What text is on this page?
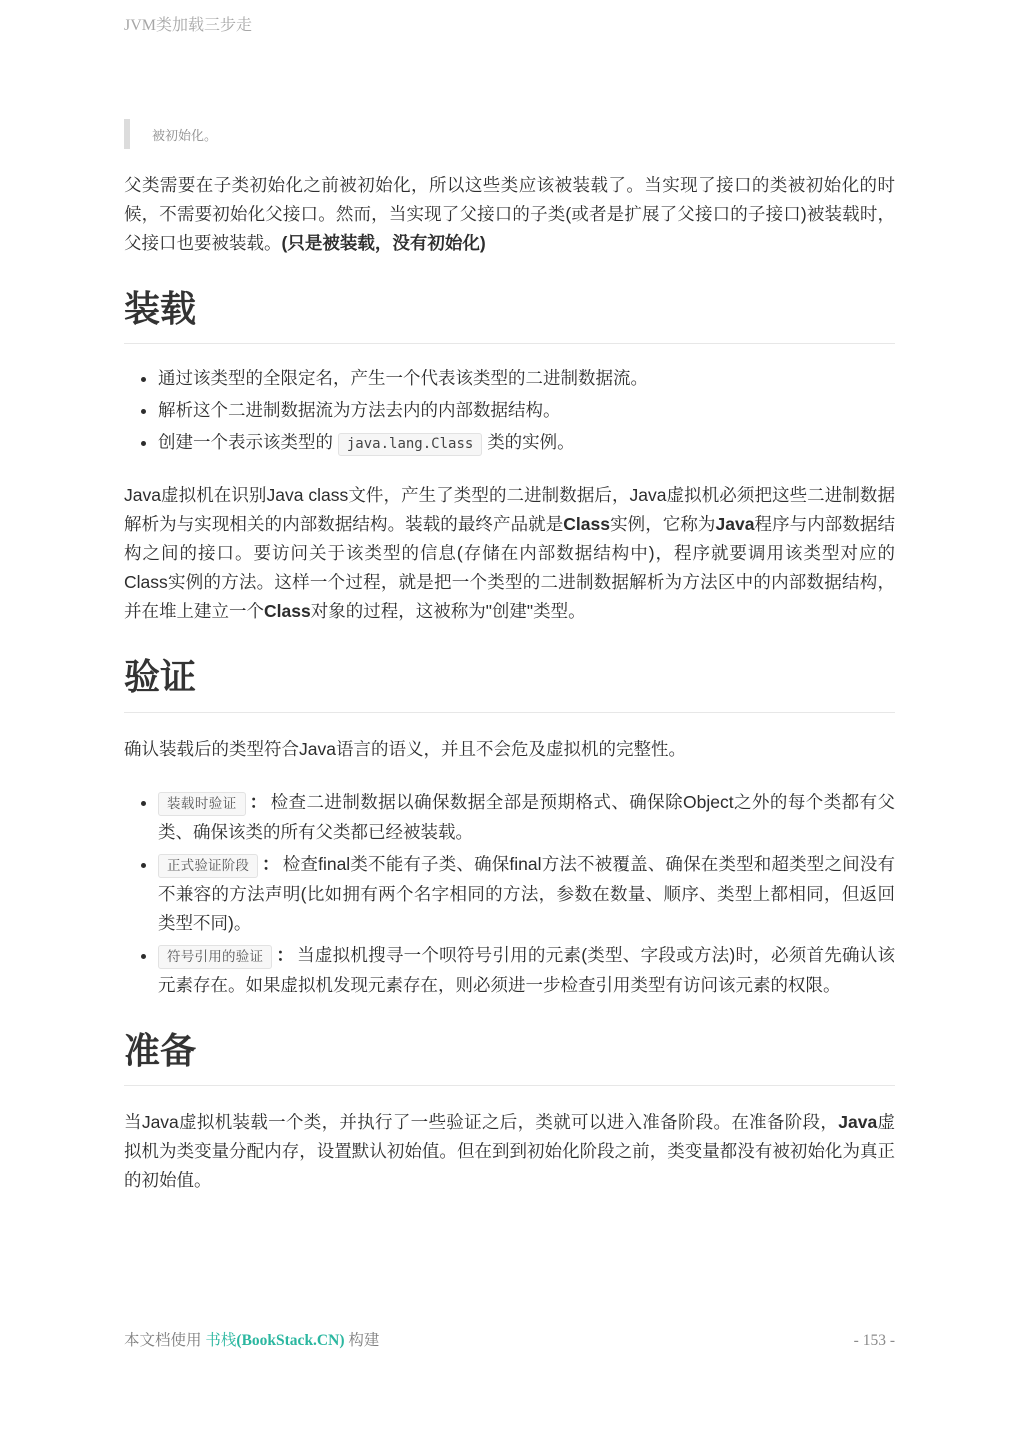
JVM类加载三步走
被初始化。

父类需要在子类初始化之前被初始化，所以这些类应该被装载了。当实现了接口的类被初始化的时候，不需要初始化父接口。然而，当实现了父接口的子类(或者是扩展了父接口的子接口)被装载时，父接口也要被装载。(只是被装载，没有初始化)

装载
• 通过该类型的全限定名，产生一个代表该类型的二进制数据流。
• 解析这个二进制数据流为方法去内的内部数据结构。
• 创建一个表示该类型的 java.lang.Class 类的实例。

Java虚拟机在识别Java class文件，产生了类型的二进制数据后，Java虚拟机必须把这些二进制数据解析为与实现相关的内部数据结构。装载的最终产品就是Class实例，它称为Java程序与内部数据结构之间的接口。要访问关于该类型的信息(存储在内部数据结构中)，程序就要调用该类型对应的Class实例的方法。这样一个过程，就是把一个类型的二进制数据解析为方法区中的内部数据结构，并在堆上建立一个Class对象的过程，这被称为"创建"类型。

验证

确认装载后的类型符合Java语言的语义，并且不会危及虚拟机的完整性。

• 装载时验证 ： 检查二进制数据以确保数据全部是预期格式、确保除Object之外的每个类都有父类、确保该类的所有父类都已经被装载。
• 正式验证阶段 ： 检查final类不能有子类、确保final方法不被覆盖、确保在类型和超类型之间没有不兼容的方法声明(比如拥有两个名字相同的方法，参数在数量、顺序、类型上都相同，但返回类型不同)。
• 符号引用的验证 ： 当虚拟机搜寻一个呗符号引用的元素(类型、字段或方法)时，必须首先确认该元素存在。如果虚拟机发现元素存在，则必须进一步检查引用类型有访问该元素的权限。
准备

当Java虚拟机装载一个类，并执行了一些验证之后，类就可以进入准备阶段。在准备阶段，Java虚拟机为类变量分配内存，设置默认初始值。但在到到初始化阶段之前，类变量都没有被初始化为真正的初始值。

本文档使用 书栈(BookStack.CN) 构建	- 153 -
